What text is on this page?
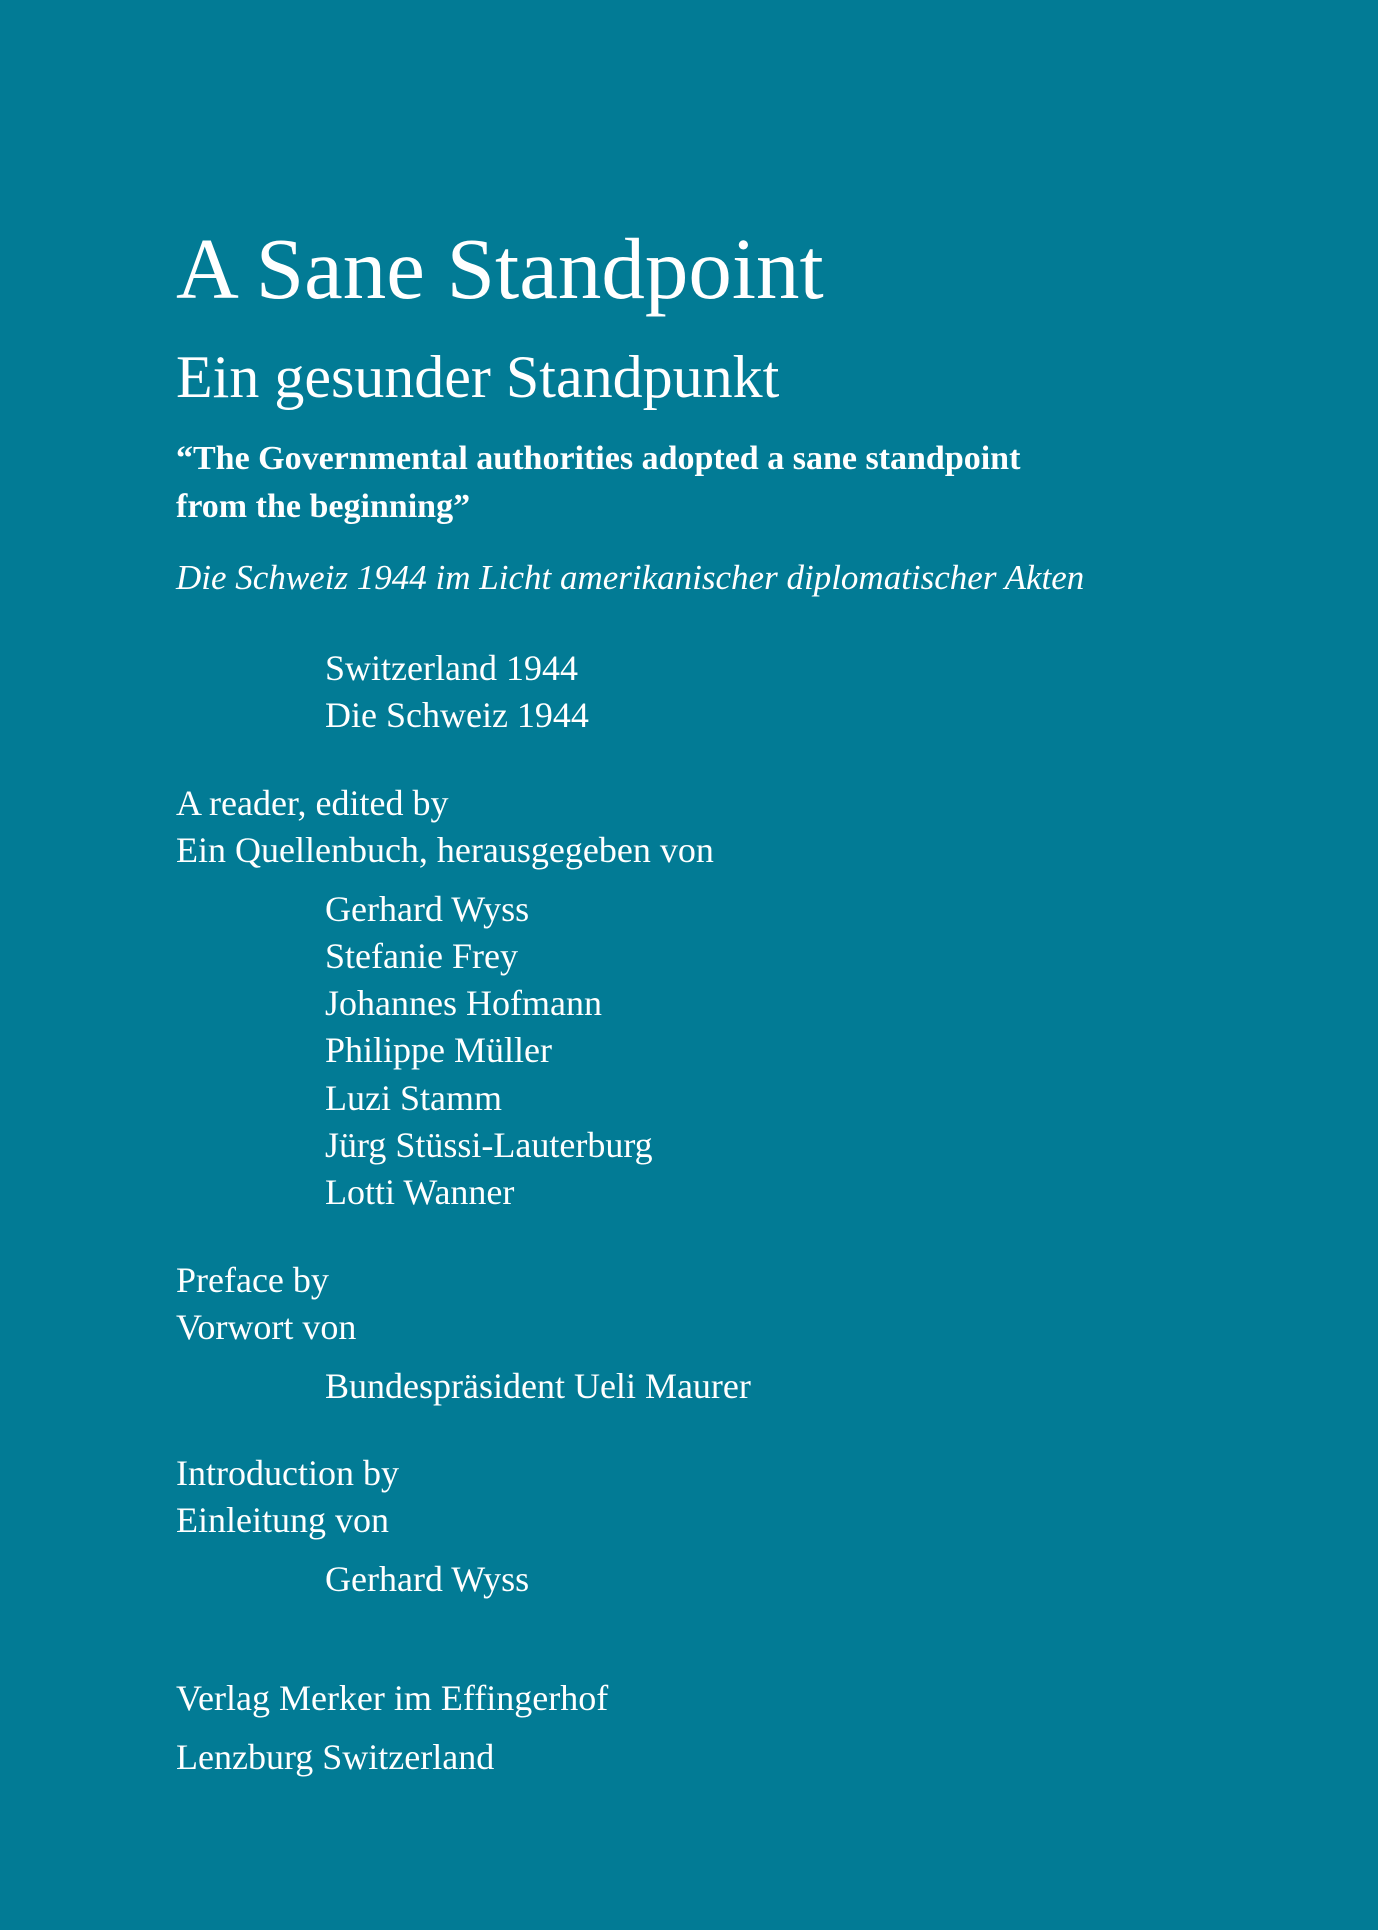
A Sane Standpoint
Ein gesunder Standpunkt
“The Governmental authorities adopted a sane standpoint
from the beginning”
Die Schweiz 1944 im Licht amerikanischer diplomatischer Akten
Switzerland 1944
Die Schweiz 1944
A reader, edited by
Ein Quellenbuch, herausgegeben von
Gerhard Wyss
Stefanie Frey
Johannes Hofmann
Philippe Müller
Luzi Stamm
Jürg Stüssi-Lauterburg
Lotti Wanner
Preface by
Vorwort von
Bundespräsident Ueli Maurer
Introduction by
Einleitung von
Gerhard Wyss
Verlag Merker im Effingerhof
Lenzburg Switzerland
